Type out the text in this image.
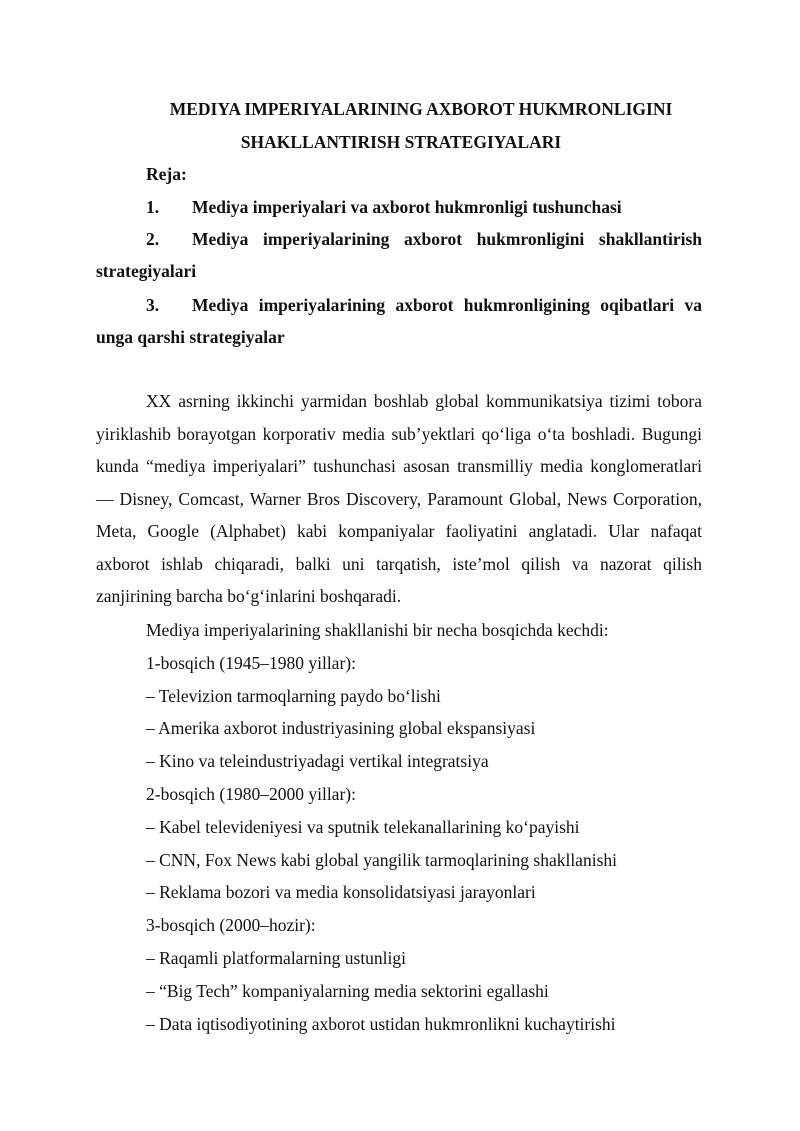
MEDIYA IMPERIYALARINING AXBOROT HUKMRONLIGINI
SHAKLLANTIRISH STRATEGIYALARI
Reja:
1. Mediya imperiyalari va axborot hukmronligi tushunchasi
2. Mediya imperiyalarining axborot hukmronligini shakllantirish
strategiyalari
3. Mediya imperiyalarining axborot hukmronligining oqibatlari va
unga qarshi strategiyalar

XX asrning ikkinchi yarmidan boshlab global kommunikatsiya tizimi tobora yiriklashib borayotgan korporativ media sub’yektlari qo‘liga o‘ta boshladi. Bugungi kunda “mediya imperiyalari” tushunchasi asosan transmilliy media konglomeratlari — Disney, Comcast, Warner Bros Discovery, Paramount Global, News Corporation, Meta, Google (Alphabet) kabi kompaniyalar faoliyatini anglatadi. Ular nafaqat axborot ishlab chiqaradi, balki uni tarqatish, iste’mol qilish va nazorat qilish zanjirining barcha bo‘g‘inlarini boshqaradi.

Mediya imperiyalarining shakllanishi bir necha bosqichda kechdi:
1-bosqich (1945–1980 yillar):
– Televizion tarmoqlarning paydo bo‘lishi
– Amerika axborot industriyasining global ekspansiyasi
– Kino va teleindustriyadagi vertikal integratsiya
2-bosqich (1980–2000 yillar):
– Kabel televideniyesi va sputnik telekanallarining ko‘payishi
– CNN, Fox News kabi global yangilik tarmoqlarining shakllanishi
– Reklama bozori va media konsolidatsiyasi jarayonlari
3-bosqich (2000–hozir):
– Raqamli platformalarning ustunligi
– “Big Tech” kompaniyalarning media sektorini egallashi
– Data iqtisodiyotining axborot ustidan hukmronlikni kuchaytirishi
